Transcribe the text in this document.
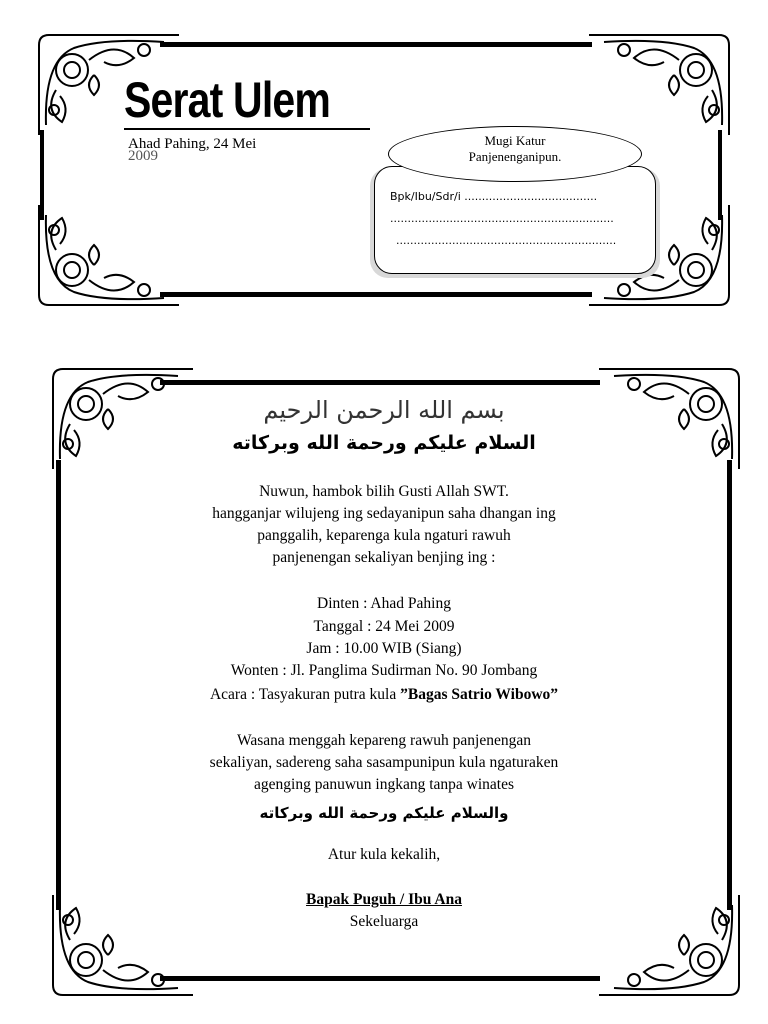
Serat Ulem
Ahad Pahing, 24 Mei
2009
Mugi Katur
Panjenenganipun.
Bpk/Ibu/Sdr/i ......................................
................................................................
...............................................................
بسم الله الرحمن الرحيم
السلام عليكم ورحمة الله وبركاته
Nuwun, hambok bilih Gusti Allah SWT.
hangganjar wilujeng ing sedayanipun saha dhangan ing
panggalih, keparenga kula ngaturi rawuh
panjenengan sekaliyan benjing ing :
Dinten : Ahad Pahing
Tanggal : 24 Mei 2009
Jam : 10.00 WIB (Siang)
Wonten : Jl. Panglima Sudirman No. 90 Jombang
Acara : Tasyakuran putra kula ”Bagas Satrio Wibowo”
Wasana menggah kepareng rawuh panjenengan
sekaliyan, sadereng saha sasampunipun kula ngaturaken
agenging panuwun ingkang tanpa winates
والسلام عليكم ورحمة الله وبركاته
Atur kula kekalih,
Bapak Puguh / Ibu Ana
Sekeluarga
